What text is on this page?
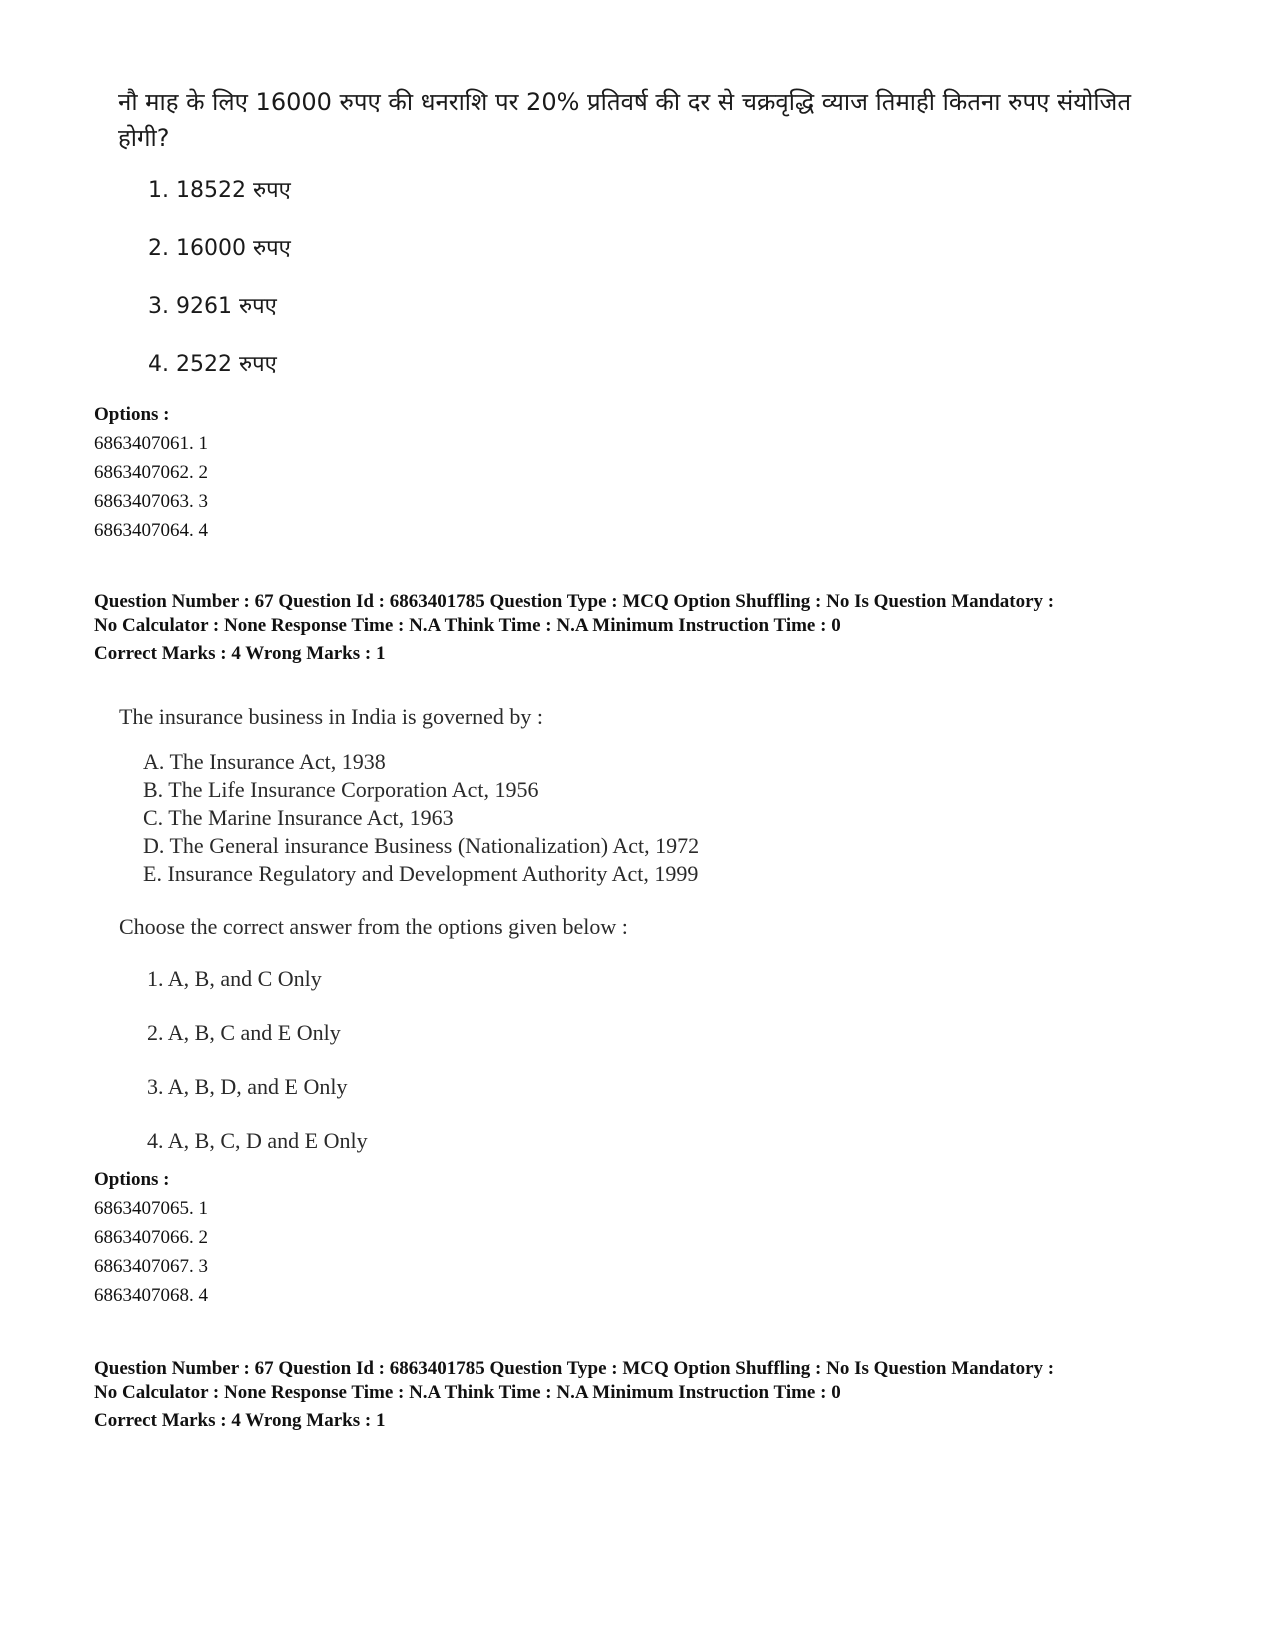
नौ माह के लिए 16000 रुपए की धनराशि पर 20% प्रतिवर्ष की दर से चक्रवृद्धि व्याज तिमाही कितना रुपए संयोजित होगी?
1. 18522 रुपए
2. 16000 रुपए
3. 9261 रुपए
4. 2522 रुपए
Options :
6863407061. 1
6863407062. 2
6863407063. 3
6863407064. 4
Question Number : 67 Question Id : 6863401785 Question Type : MCQ Option Shuffling : No Is Question Mandatory :
No Calculator : None Response Time : N.A Think Time : N.A Minimum Instruction Time : 0
Correct Marks : 4 Wrong Marks : 1
The insurance business in India is governed by :
A. The Insurance Act, 1938
B. The Life Insurance Corporation Act, 1956
C. The Marine Insurance Act, 1963
D. The General insurance Business (Nationalization) Act, 1972
E. Insurance Regulatory and Development Authority Act, 1999
Choose the correct answer from the options given below :
1. A, B, and C Only
2. A, B, C and E Only
3. A, B, D, and E Only
4. A, B, C, D and E Only
Options :
6863407065. 1
6863407066. 2
6863407067. 3
6863407068. 4
Question Number : 67 Question Id : 6863401785 Question Type : MCQ Option Shuffling : No Is Question Mandatory :
No Calculator : None Response Time : N.A Think Time : N.A Minimum Instruction Time : 0
Correct Marks : 4 Wrong Marks : 1
